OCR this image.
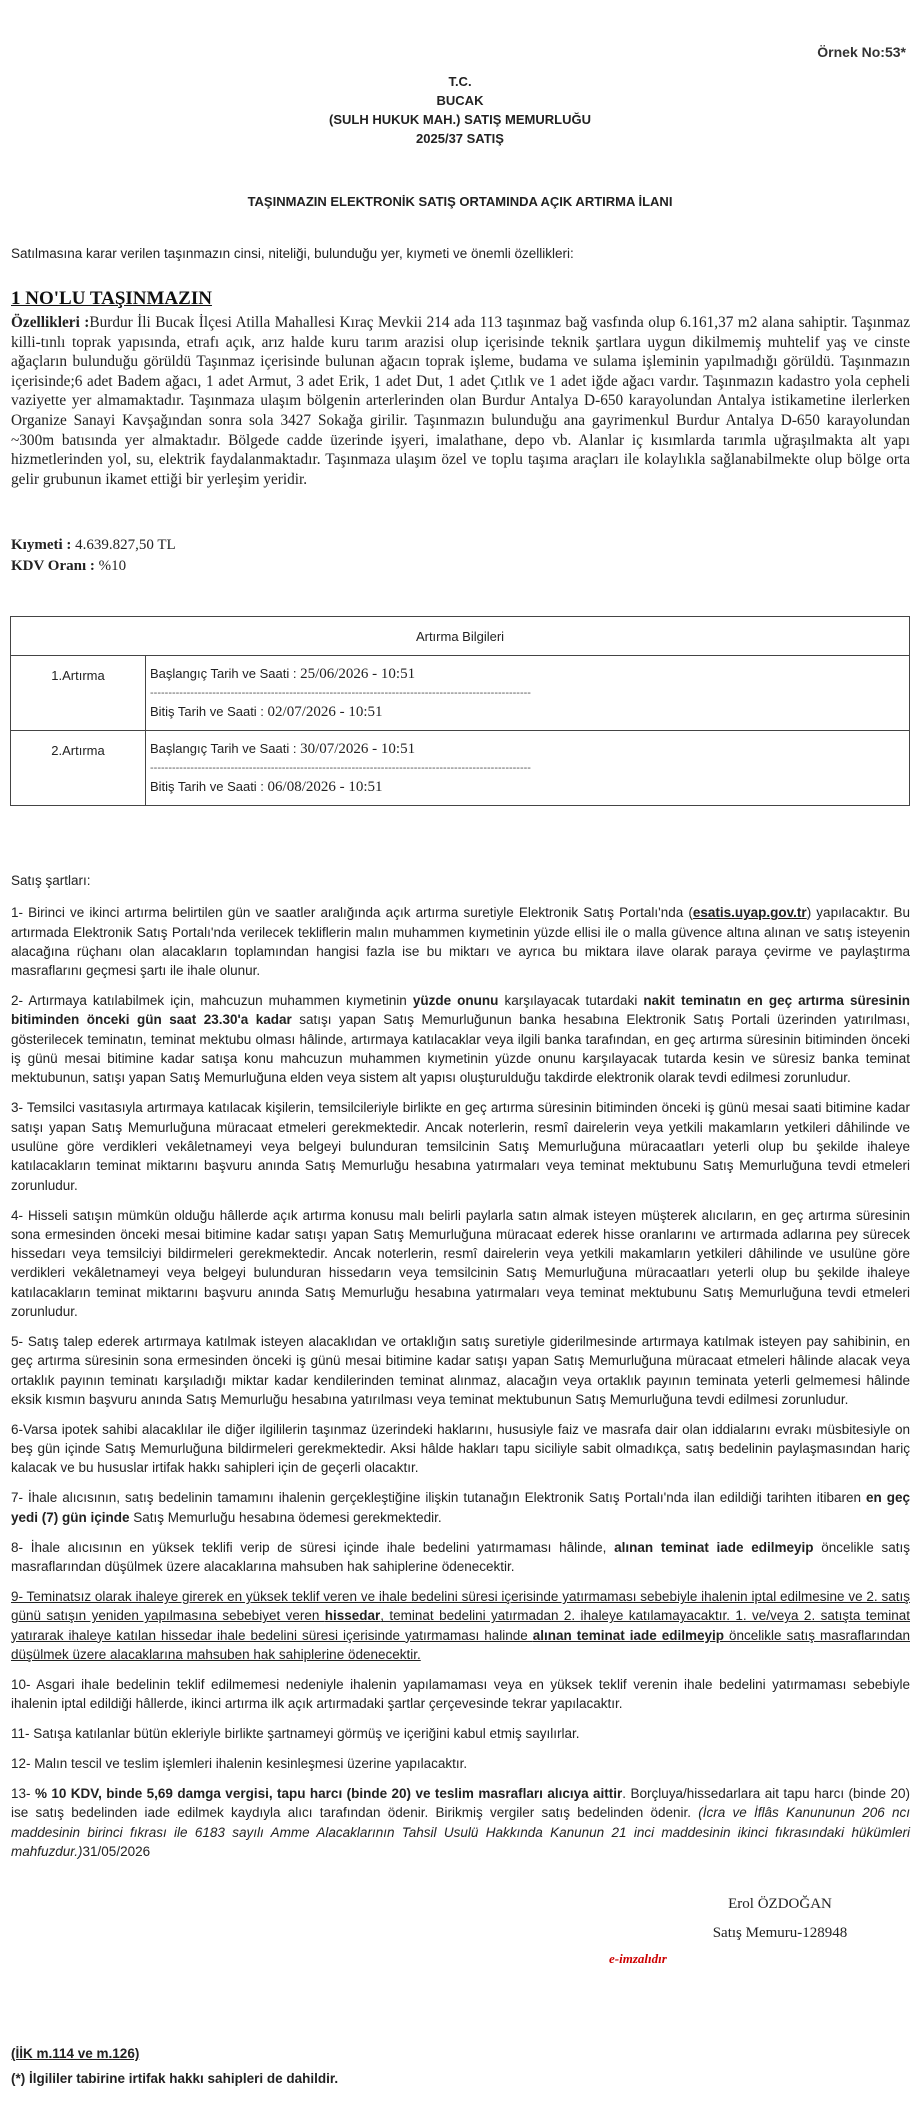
Örnek No:53*
T.C.
BUCAK
(SULH HUKUK MAH.) SATIŞ MEMURLUĞU
2025/37 SATIŞ
TAŞINMAZIN ELEKTRONİK SATIŞ ORTAMINDA AÇIK ARTIRMA İLANI
Satılmasına karar verilen taşınmazın cinsi, niteliği, bulunduğu yer, kıymeti ve önemli özellikleri:
1 NO'LU TAŞINMAZIN
Özellikleri :Burdur İli Bucak İlçesi Atilla Mahallesi Kıraç Mevkii 214 ada 113 taşınmaz bağ vasfında olup 6.161,37 m2 alana sahiptir. Taşınmaz killi-tınlı toprak yapısında, etrafı açık, arız halde kuru tarım arazisi olup içerisinde teknik şartlara uygun dikilmemiş muhtelif yaş ve cinste ağaçların bulunduğu görüldü Taşınmaz içerisinde bulunan ağacın toprak işleme, budama ve sulama işleminin yapılmadığı görüldü. Taşınmazın içerisinde;6 adet Badem ağacı, 1 adet Armut, 3 adet Erik, 1 adet Dut, 1 adet Çıtlık ve 1 adet iğde ağacı vardır. Taşınmazın kadastro yola cepheli vaziyette yer almamaktadır. Taşınmaza ulaşım bölgenin arterlerinden olan Burdur Antalya D-650 karayolundan Antalya istikametine ilerlerken Organize Sanayi Kavşağından sonra sola 3427 Sokağa girilir. Taşınmazın bulunduğu ana gayrimenkul Burdur Antalya D-650 karayolundan ~300m batısında yer almaktadır. Bölgede cadde üzerinde işyeri, imalathane, depo vb. Alanlar iç kısımlarda tarımla uğraşılmakta alt yapı hizmetlerinden yol, su, elektrik faydalanmaktadır. Taşınmaza ulaşım özel ve toplu taşıma araçları ile kolaylıkla sağlanabilmekte olup bölge orta gelir grubunun ikamet ettiği bir yerleşim yeridir.
Kıymeti : 4.639.827,50 TL
KDV Oranı : %10
Artırma Bilgileri	
1.Artırma	Başlangıç Tarih ve Saati : 25/06/2026 - 10:51
--------------------------------------------------------------------------------------------------------
Bitiş Tarih ve Saati : 02/07/2026 - 10:51

2.Artırma	Başlangıç Tarih ve Saati : 30/07/2026 - 10:51
--------------------------------------------------------------------------------------------------------
Bitiş Tarih ve Saati : 06/08/2026 - 10:51

Satış şartları:

1- Birinci ve ikinci artırma belirtilen gün ve saatler aralığında açık artırma suretiyle Elektronik Satış Portalı'nda (esatis.uyap.gov.tr) yapılacaktır. Bu artırmada Elektronik Satış Portalı'nda verilecek tekliflerin malın muhammen kıymetinin yüzde ellisi ile o malla güvence altına alınan ve satış isteyenin alacağına rüçhanı olan alacakların toplamından hangisi fazla ise bu miktarı ve ayrıca bu miktara ilave olarak paraya çevirme ve paylaştırma masraflarını geçmesi şartı ile ihale olunur.

2- Artırmaya katılabilmek için, mahcuzun muhammen kıymetinin yüzde onunu karşılayacak tutardaki nakit teminatın en geç artırma süresinin bitiminden önceki gün saat 23.30'a kadar satışı yapan Satış Memurluğunun banka hesabına Elektronik Satış Portali üzerinden yatırılması, gösterilecek teminatın, teminat mektubu olması hâlinde, artırmaya katılacaklar veya ilgili banka tarafından, en geç artırma süresinin bitiminden önceki iş günü mesai bitimine kadar satışa konu mahcuzun muhammen kıymetinin yüzde onunu karşılayacak tutarda kesin ve süresiz banka teminat mektubunun, satışı yapan Satış Memurluğuna elden veya sistem alt yapısı oluşturulduğu takdirde elektronik olarak tevdi edilmesi zorunludur.

3- Temsilci vasıtasıyla artırmaya katılacak kişilerin, temsilcileriyle birlikte en geç artırma süresinin bitiminden önceki iş günü mesai saati bitimine kadar satışı yapan Satış Memurluğuna müracaat etmeleri gerekmektedir. Ancak noterlerin, resmî dairelerin veya yetkili makamların yetkileri dâhilinde ve usulüne göre verdikleri vekâletnameyi veya belgeyi bulunduran temsilcinin Satış Memurluğuna müracaatları yeterli olup bu şekilde ihaleye katılacakların teminat miktarını başvuru anında Satış Memurluğu hesabına yatırmaları veya teminat mektubunu Satış Memurluğuna tevdi etmeleri zorunludur.

4- Hisseli satışın mümkün olduğu hâllerde açık artırma konusu malı belirli paylarla satın almak isteyen müşterek alıcıların, en geç artırma süresinin sona ermesinden önceki mesai bitimine kadar satışı yapan Satış Memurluğuna müracaat ederek hisse oranlarını ve artırmada adlarına pey sürecek hissedarı veya temsilciyi bildirmeleri gerekmektedir. Ancak noterlerin, resmî dairelerin veya yetkili makamların yetkileri dâhilinde ve usulüne göre verdikleri vekâletnameyi veya belgeyi bulunduran hissedarın veya temsilcinin Satış Memurluğuna müracaatları yeterli olup bu şekilde ihaleye katılacakların teminat miktarını başvuru anında Satış Memurluğu hesabına yatırmaları veya teminat mektubunu Satış Memurluğuna tevdi etmeleri zorunludur.

5- Satış talep ederek artırmaya katılmak isteyen alacaklıdan ve ortaklığın satış suretiyle giderilmesinde artırmaya katılmak isteyen pay sahibinin, en geç artırma süresinin sona ermesinden önceki iş günü mesai bitimine kadar satışı yapan Satış Memurluğuna müracaat etmeleri hâlinde alacak veya ortaklık payının teminatı karşıladığı miktar kadar kendilerinden teminat alınmaz, alacağın veya ortaklık payının teminata yeterli gelmemesi hâlinde eksik kısmın başvuru anında Satış Memurluğu hesabına yatırılması veya teminat mektubunun Satış Memurluğuna tevdi edilmesi zorunludur.

6-Varsa ipotek sahibi alacaklılar ile diğer ilgililerin taşınmaz üzerindeki haklarını, hususiyle faiz ve masrafa dair olan iddialarını evrakı müsbitesiyle on beş gün içinde Satış Memurluğuna bildirmeleri gerekmektedir. Aksi hâlde hakları tapu siciliyle sabit olmadıkça, satış bedelinin paylaşmasından hariç kalacak ve bu hususlar irtifak hakkı sahipleri için de geçerli olacaktır.

7- İhale alıcısının, satış bedelinin tamamını ihalenin gerçekleştiğine ilişkin tutanağın Elektronik Satış Portalı'nda ilan edildiği tarihten itibaren en geç yedi (7) gün içinde Satış Memurluğu hesabına ödemesi gerekmektedir.

8- İhale alıcısının en yüksek teklifi verip de süresi içinde ihale bedelini yatırmaması hâlinde, alınan teminat iade edilmeyip öncelikle satış masraflarından düşülmek üzere alacaklarına mahsuben hak sahiplerine ödenecektir.

9- Teminatsız olarak ihaleye girerek en yüksek teklif veren ve ihale bedelini süresi içerisinde yatırmaması sebebiyle ihalenin iptal edilmesine ve 2. satış günü satışın yeniden yapılmasına sebebiyet veren hissedar, teminat bedelini yatırmadan 2. ihaleye katılamayacaktır. 1. ve/veya 2. satışta teminat yatırarak ihaleye katılan hissedar ihale bedelini süresi içerisinde yatırmaması halinde alınan teminat iade edilmeyip öncelikle satış masraflarından düşülmek üzere alacaklarına mahsuben hak sahiplerine ödenecektir.

10- Asgari ihale bedelinin teklif edilmemesi nedeniyle ihalenin yapılamaması veya en yüksek teklif verenin ihale bedelini yatırmaması sebebiyle ihalenin iptal edildiği hâllerde, ikinci artırma ilk açık artırmadaki şartlar çerçevesinde tekrar yapılacaktır.

11- Satışa katılanlar bütün ekleriyle birlikte şartnameyi görmüş ve içeriğini kabul etmiş sayılırlar.

12- Malın tescil ve teslim işlemleri ihalenin kesinleşmesi üzerine yapılacaktır.

13- % 10 KDV, binde 5,69 damga vergisi, tapu harcı (binde 20) ve teslim masrafları alıcıya aittir. Borçluya/hissedarlara ait tapu harcı (binde 20) ise satış bedelinden iade edilmek kaydıyla alıcı tarafından ödenir. Birikmiş vergiler satış bedelinden ödenir. (İcra ve İflâs Kanununun 206 ncı maddesinin birinci fıkrası ile 6183 sayılı Amme Alacaklarının Tahsil Usulü Hakkında Kanunun 21 inci maddesinin ikinci fıkrasındaki hükümleri mahfuzdur.)31/05/2026

Erol ÖZDOĞAN
Satış Memuru-128948
e-imzalıdır
(İİK m.114 ve m.126)
(*) İlgililer tabirine irtifak hakkı sahipleri de dahildir.
